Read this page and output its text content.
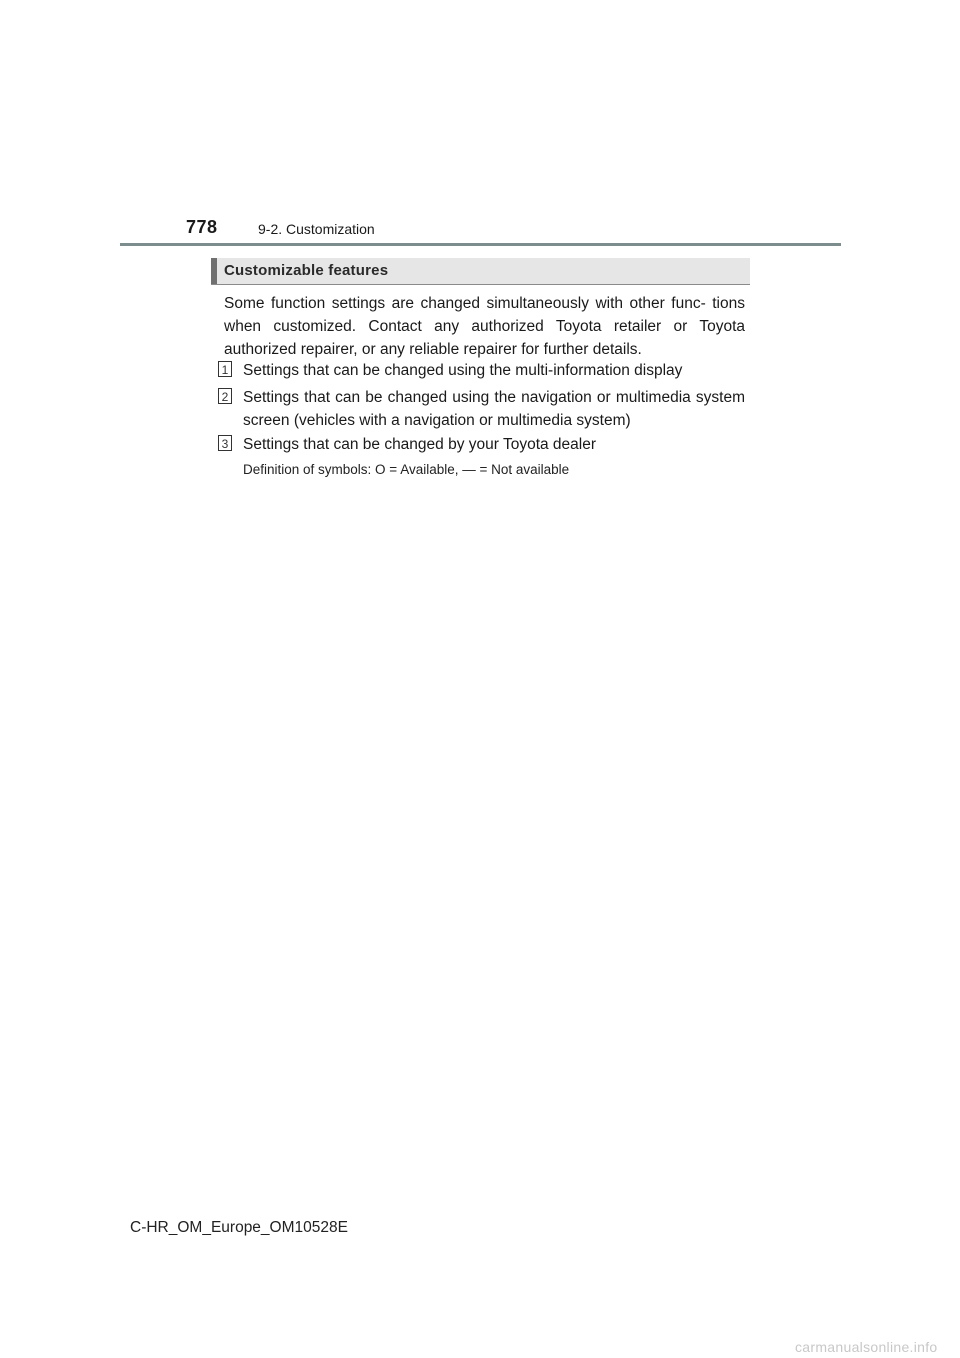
778	9-2. Customization
Customizable features

Some function settings are changed simultaneously with other func- tions when customized. Contact any authorized Toyota retailer or Toyota authorized repairer, or any reliable repairer for further details.

1 Settings that can be changed using the multi-information display
2 Settings that can be changed using the navigation or multimedia system screen (vehicles with a navigation or multimedia system)
3 Settings that can be changed by your Toyota dealer
Definition of symbols: O = Available, — = Not available
C-HR_OM_Europe_OM10528E
carmanualsonline.info
